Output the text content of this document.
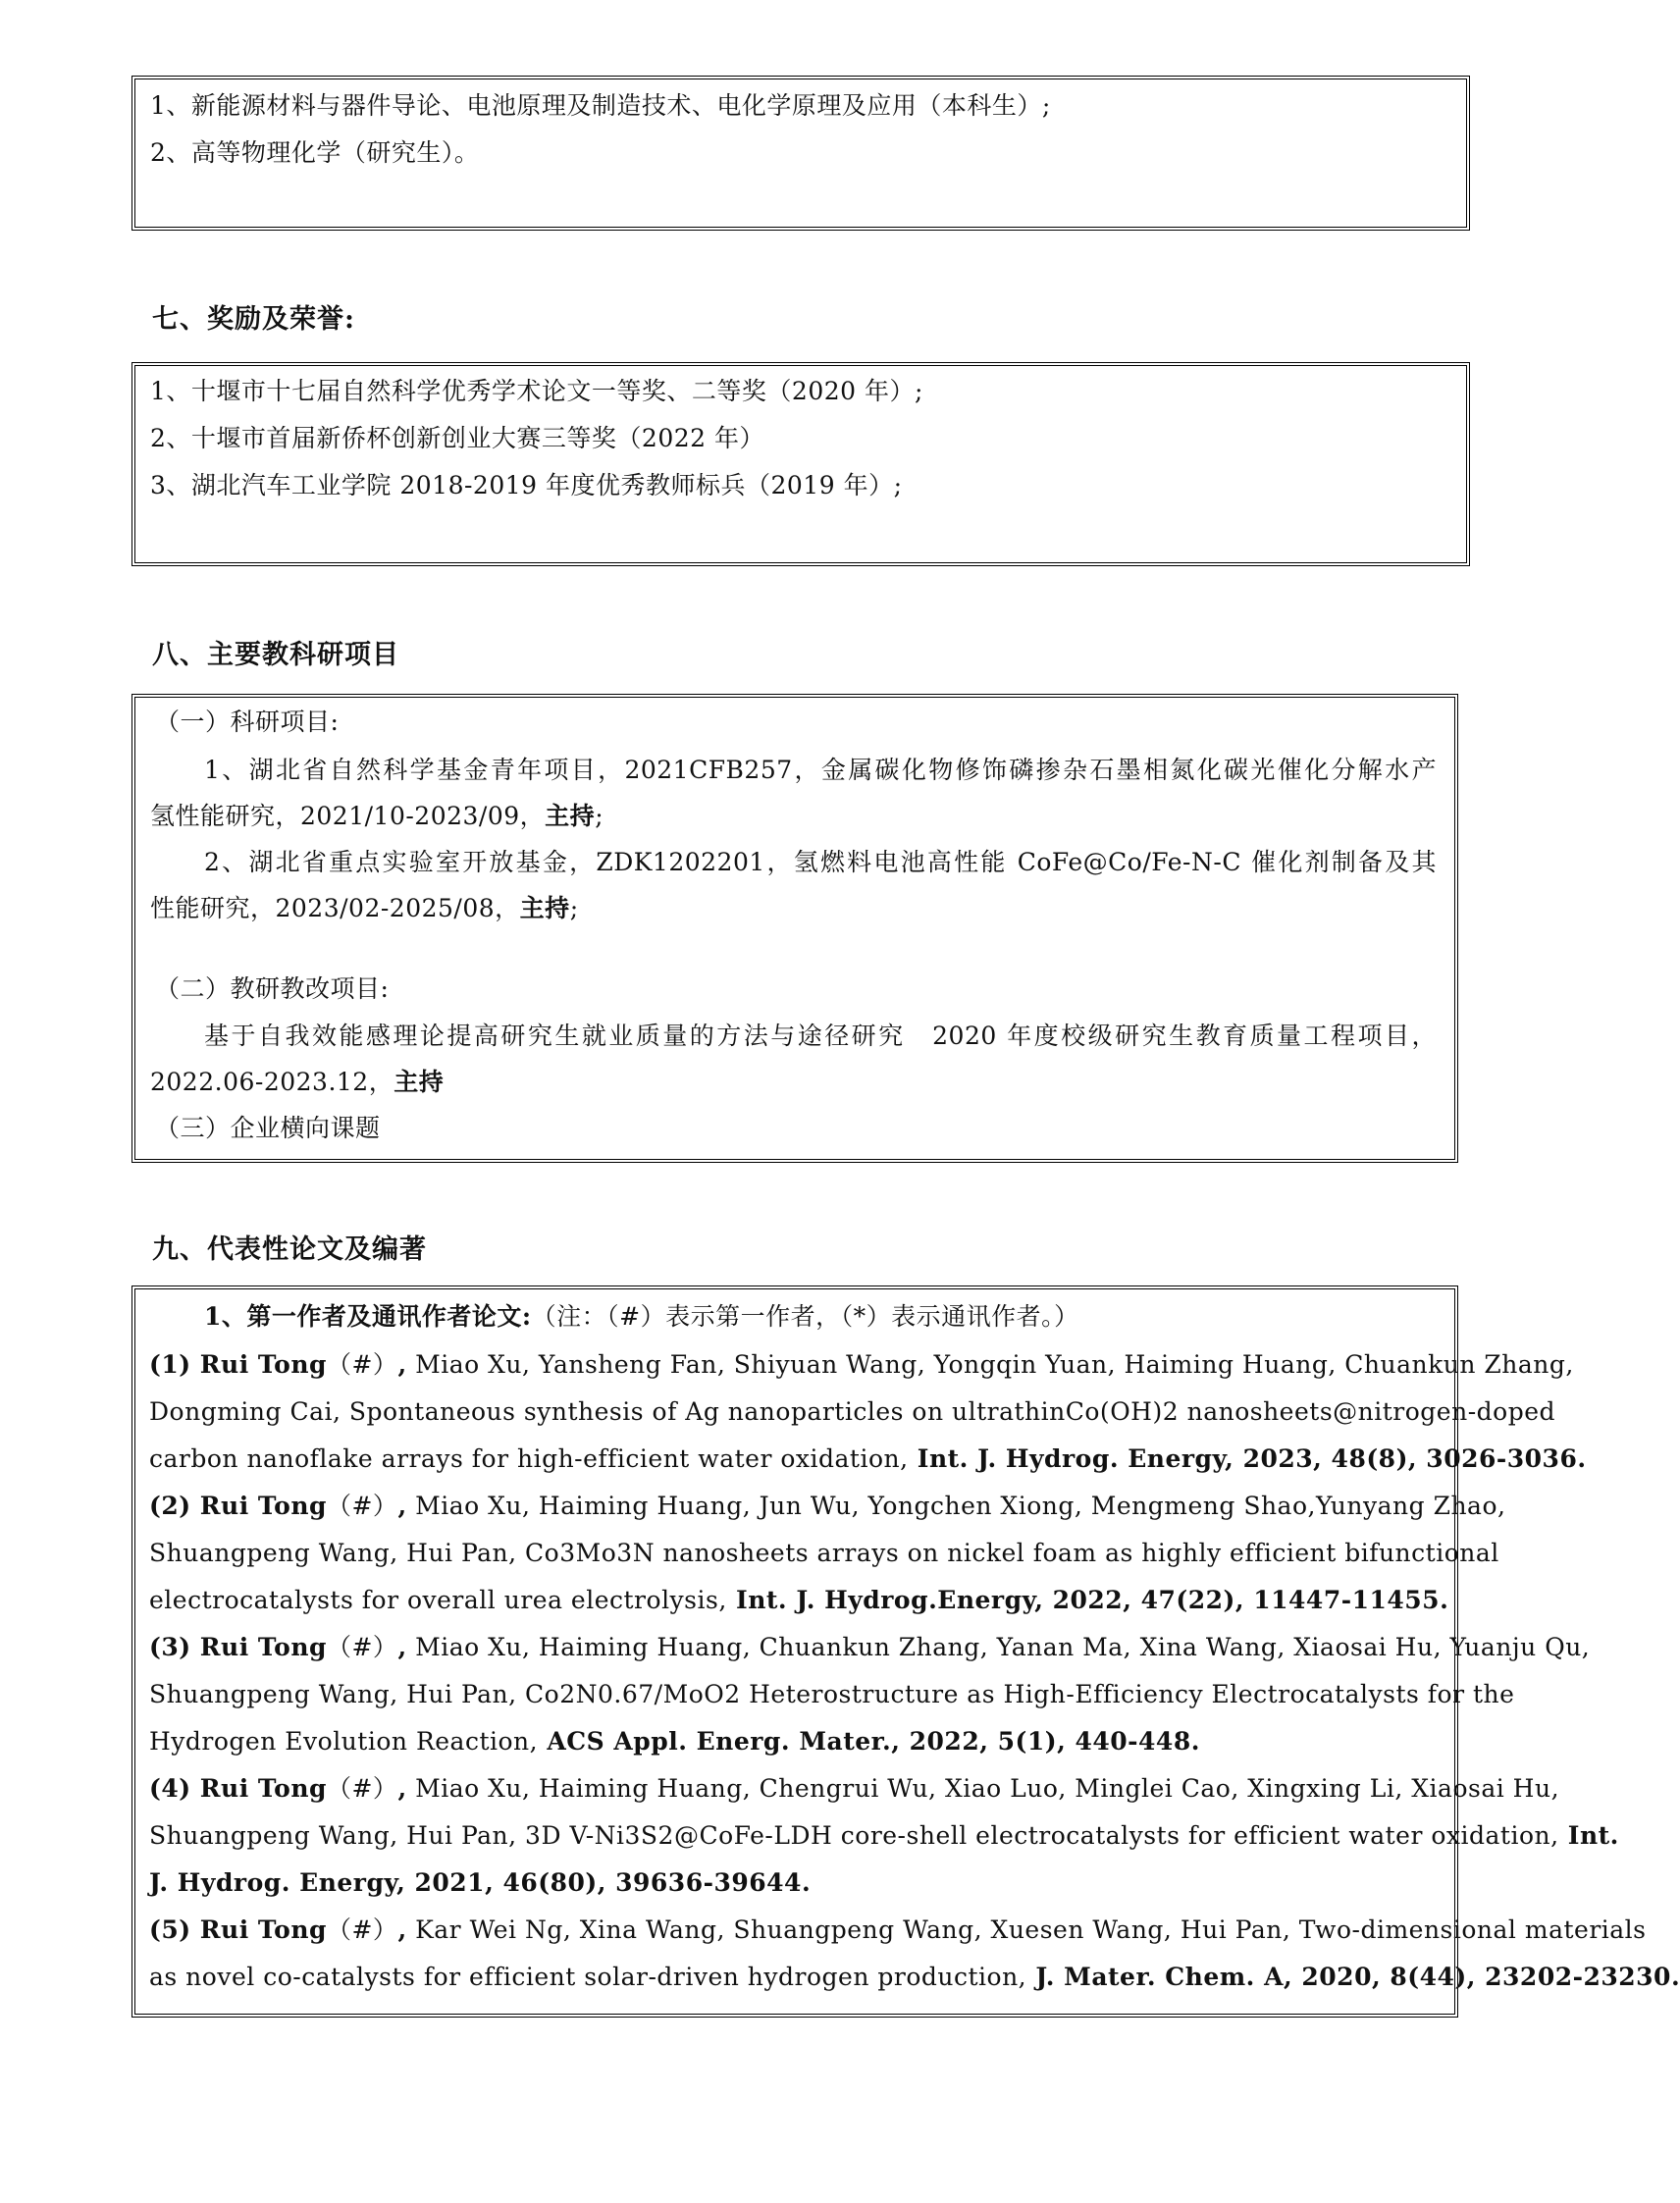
1、新能源材料与器件导论、电池原理及制造技术、电化学原理及应用（本科生）;
2、高等物理化学（研究生）。
七、奖励及荣誉:
1、十堰市十七届自然科学优秀学术论文一等奖、二等奖（2020 年）;
2、十堰市首届新侨杯创新创业大赛三等奖（2022 年）
3、湖北汽车工业学院 2018-2019 年度优秀教师标兵（2019 年）;
八、主要教科研项目
（一）科研项目:
1、湖北省自然科学基金青年项目，2021CFB257，金属碳化物修饰磷掺杂石墨相氮化碳光催化分解水产
氢性能研究，2021/10-2023/09，主持;
2、湖北省重点实验室开放基金，ZDK1202201，氢燃料电池高性能 CoFe@Co/Fe-N-C 催化剂制备及其
性能研究，2023/02-2025/08，主持;
（二）教研教改项目:
基于自我效能感理论提高研究生就业质量的方法与途径研究　2020 年度校级研究生教育质量工程项目，
2022.06-2023.12，主持
（三）企业横向课题
九、代表性论文及编著
1、第一作者及通讯作者论文:（注：（#）表示第一作者，（*）表示通讯作者。）
(1) Rui Tong（#）, Miao Xu, Yansheng Fan, Shiyuan Wang, Yongqin Yuan, Haiming Huang, Chuankun Zhang,
Dongming Cai, Spontaneous synthesis of Ag nanoparticles on ultrathinCo(OH)2 nanosheets@nitrogen-doped
carbon nanoflake arrays for high-efficient water oxidation, Int. J. Hydrog. Energy, 2023, 48(8), 3026-3036.
(2) Rui Tong（#）, Miao Xu, Haiming Huang, Jun Wu, Yongchen Xiong, Mengmeng Shao,Yunyang Zhao,
Shuangpeng Wang, Hui Pan, Co3Mo3N nanosheets arrays on nickel foam as highly efficient bifunctional
electrocatalysts for overall urea electrolysis, Int. J. Hydrog.Energy, 2022, 47(22), 11447-11455.
(3) Rui Tong（#）, Miao Xu, Haiming Huang, Chuankun Zhang, Yanan Ma, Xina Wang, Xiaosai Hu, Yuanju Qu,
Shuangpeng Wang, Hui Pan, Co2N0.67/MoO2 Heterostructure as High-Efficiency Electrocatalysts for the
Hydrogen Evolution Reaction, ACS Appl. Energ. Mater., 2022, 5(1), 440-448.
(4) Rui Tong（#）, Miao Xu, Haiming Huang, Chengrui Wu, Xiao Luo, Minglei Cao, Xingxing Li, Xiaosai Hu,
Shuangpeng Wang, Hui Pan, 3D V-Ni3S2@CoFe-LDH core-shell electrocatalysts for efficient water oxidation, Int.
J. Hydrog. Energy, 2021, 46(80), 39636-39644.
(5) Rui Tong（#）, Kar Wei Ng, Xina Wang, Shuangpeng Wang, Xuesen Wang, Hui Pan, Two-dimensional materials
as novel co-catalysts for efficient solar-driven hydrogen production, J. Mater. Chem. A, 2020, 8(44), 23202-23230.
